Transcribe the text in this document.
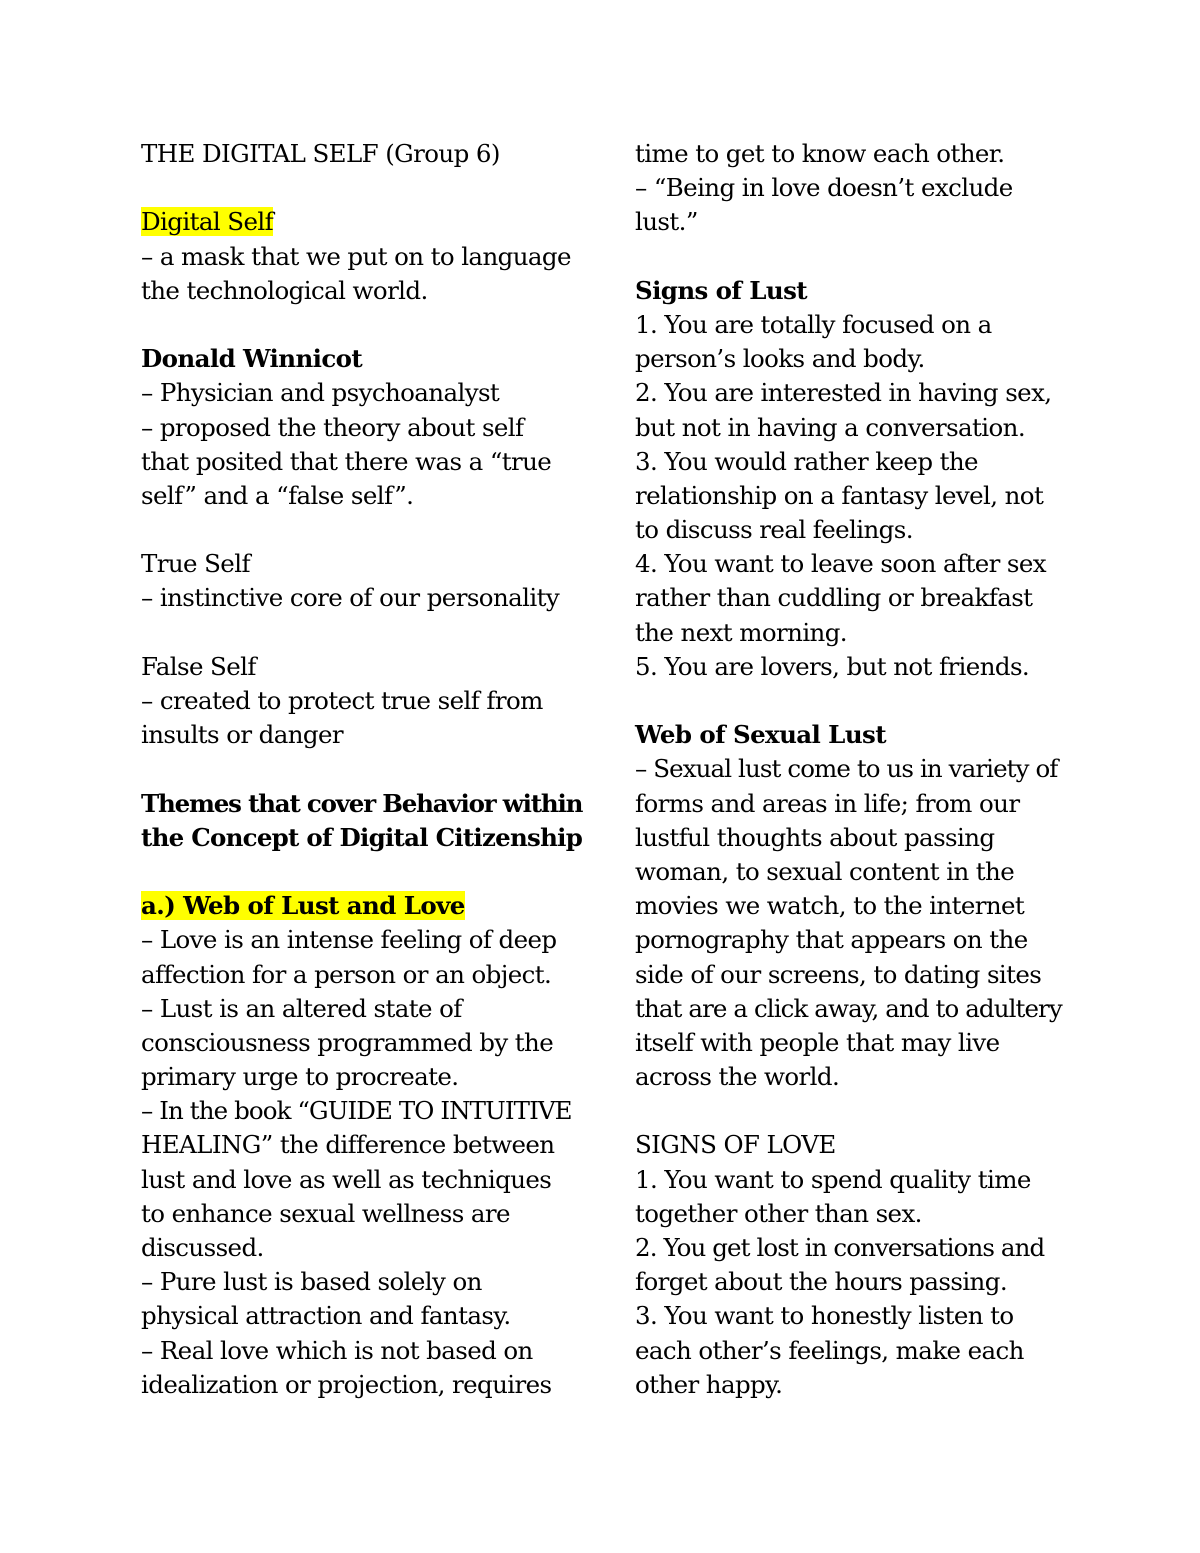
THE DIGITAL SELF (Group 6)
Digital Self
– a mask that we put on to language
the technological world.
Donald Winnicot
– Physician and psychoanalyst
– proposed the theory about self
that posited that there was a “true
self” and a “false self”.
True Self
– instinctive core of our personality
False Self
– created to protect true self from
insults or danger
Themes that cover Behavior within
the Concept of Digital Citizenship
a.) Web of Lust and Love
– Love is an intense feeling of deep
affection for a person or an object.
– Lust is an altered state of
consciousness programmed by the
primary urge to procreate.
– In the book “GUIDE TO INTUITIVE
HEALING” the difference between
lust and love as well as techniques
to enhance sexual wellness are
discussed.
– Pure lust is based solely on
physical attraction and fantasy.
– Real love which is not based on
idealization or projection, requires
time to get to know each other.
– “Being in love doesn’t exclude
lust.”
Signs of Lust
1. You are totally focused on a
person’s looks and body.
2. You are interested in having sex,
but not in having a conversation.
3. You would rather keep the
relationship on a fantasy level, not
to discuss real feelings.
4. You want to leave soon after sex
rather than cuddling or breakfast
the next morning.
5. You are lovers, but not friends.
Web of Sexual Lust
– Sexual lust come to us in variety of
forms and areas in life; from our
lustful thoughts about passing
woman, to sexual content in the
movies we watch, to the internet
pornography that appears on the
side of our screens, to dating sites
that are a click away, and to adultery
itself with people that may live
across the world.
SIGNS OF LOVE
1. You want to spend quality time
together other than sex.
2. You get lost in conversations and
forget about the hours passing.
3. You want to honestly listen to
each other’s feelings, make each
other happy.
